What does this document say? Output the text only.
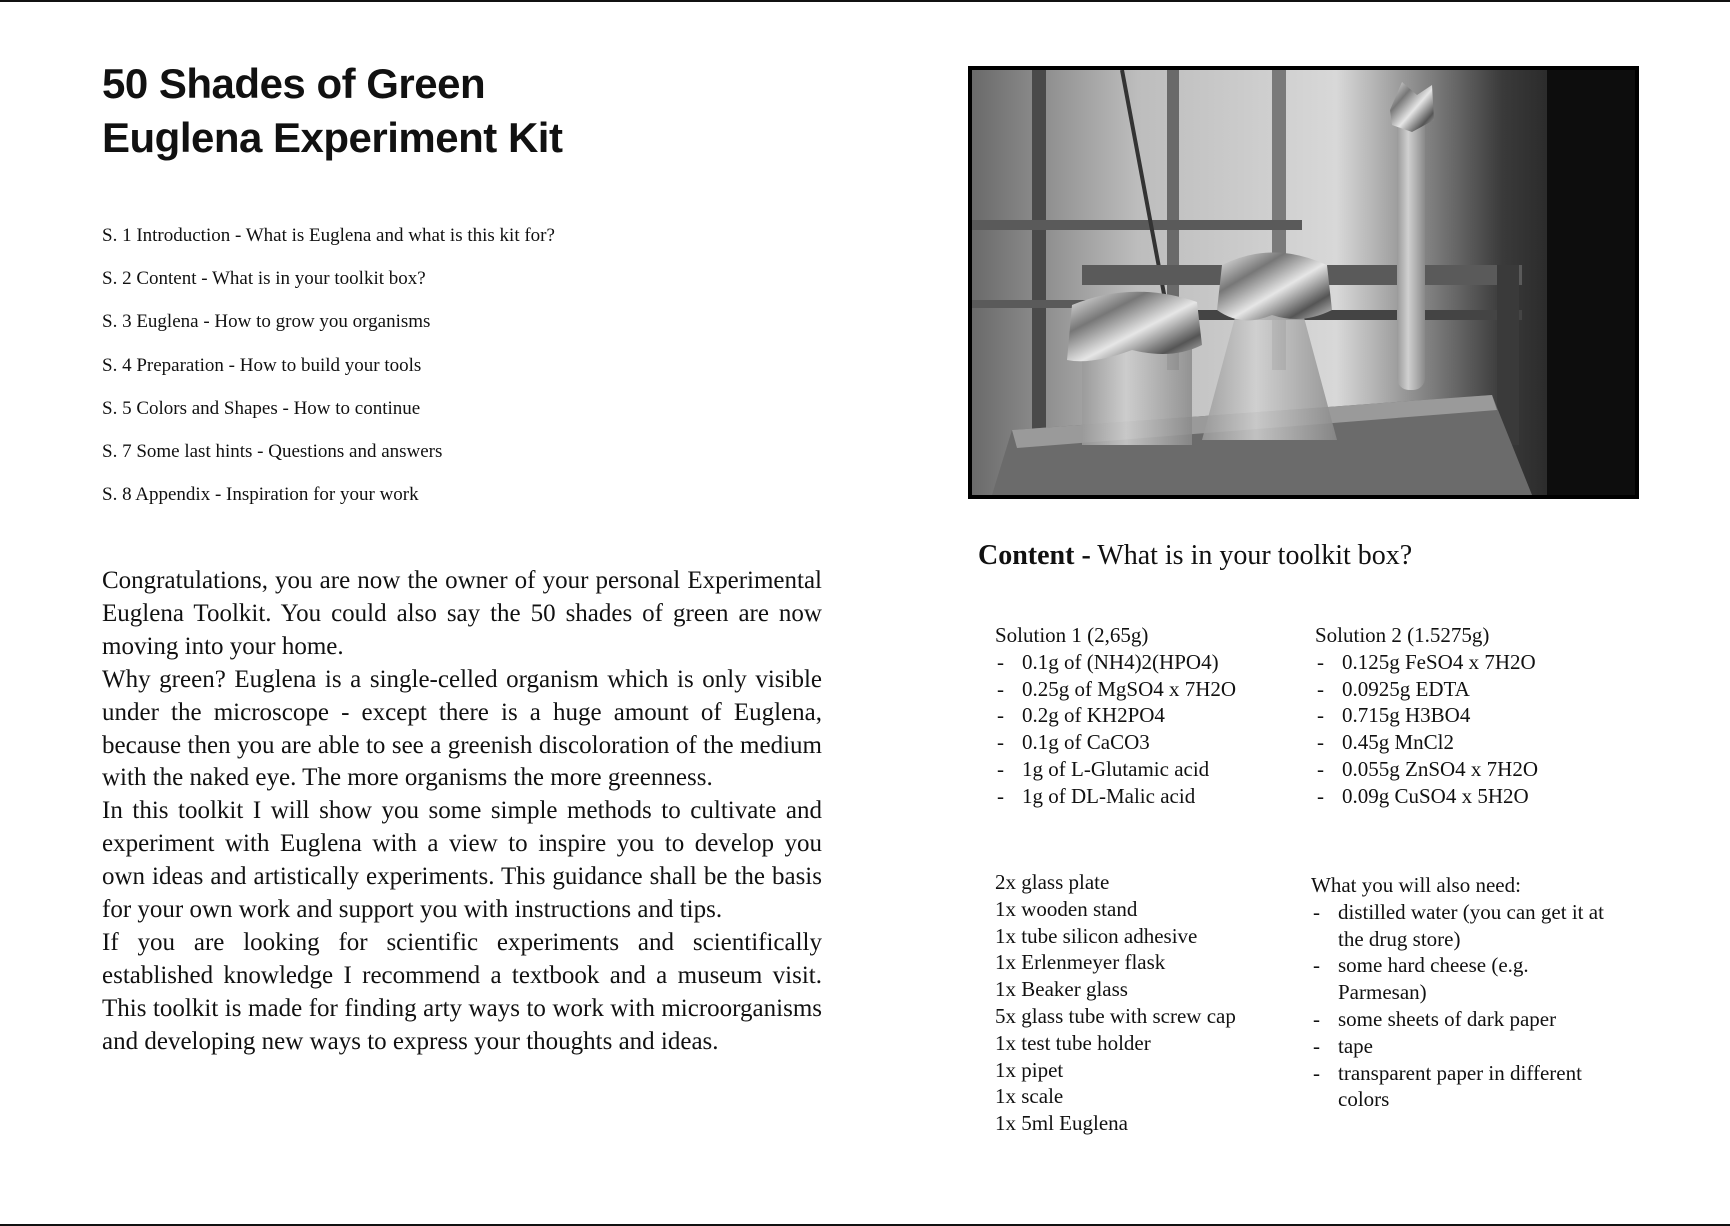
50 Shades of Green
Euglena Experiment Kit
S. 1 Introduction - What is Euglena and what is this kit for?
S. 2 Content - What is in your toolkit box?
S. 3 Euglena - How to grow you organisms
S. 4 Preparation - How to build your tools
S. 5 Colors and Shapes - How to continue
S. 7 Some last hints - Questions and answers
S. 8 Appendix - Inspiration for your work

Congratulations, you are now the owner of your personal Experimental Euglena Toolkit. You could also say the 50 shades of green are now moving into your home.

Why green? Euglena is a single-celled organism which is only visible under the microscope - except there is a huge amount of Euglena, because then you are able to see a greenish discoloration of the medium with the naked eye. The more organisms the more greenness.

In this toolkit I will show you some simple methods to cultivate and experiment with Euglena with a view to inspire you to develop you own ideas and artistically experiments. This guidance shall be the basis for your own work and support you with instructions and tips.

If you are looking for scientific experiments and scientifically established knowledge I recommend a textbook and a museum visit. This toolkit is made for finding arty ways to work with microorganisms and developing new ways to express your thoughts and ideas.

Content - What is in your toolkit box?
Solution 1 (2,65g)
- 0.1g of (NH4)2(HPO4)
- 0.25g of MgSO4 x 7H2O
- 0.2g of KH2PO4
- 0.1g of CaCO3
- 1g of L-Glutamic acid
- 1g of DL-Malic acid
Solution 2 (1.5275g)
- 0.125g FeSO4 x 7H2O
- 0.0925g EDTA
- 0.715g H3BO4
- 0.45g MnCl2
- 0.055g ZnSO4 x 7H2O
- 0.09g CuSO4 x 5H2O
2x glass plate
1x wooden stand
1x tube silicon adhesive
1x Erlenmeyer flask
1x Beaker glass
5x glass tube with screw cap
1x test tube holder
1x pipet
1x scale
1x 5ml Euglena
What you will also need:
- distilled water (you can get it at the drug store)
- some hard cheese (e.g. Parmesan)
- some sheets of dark paper
- tape
- transparent paper in different colors
